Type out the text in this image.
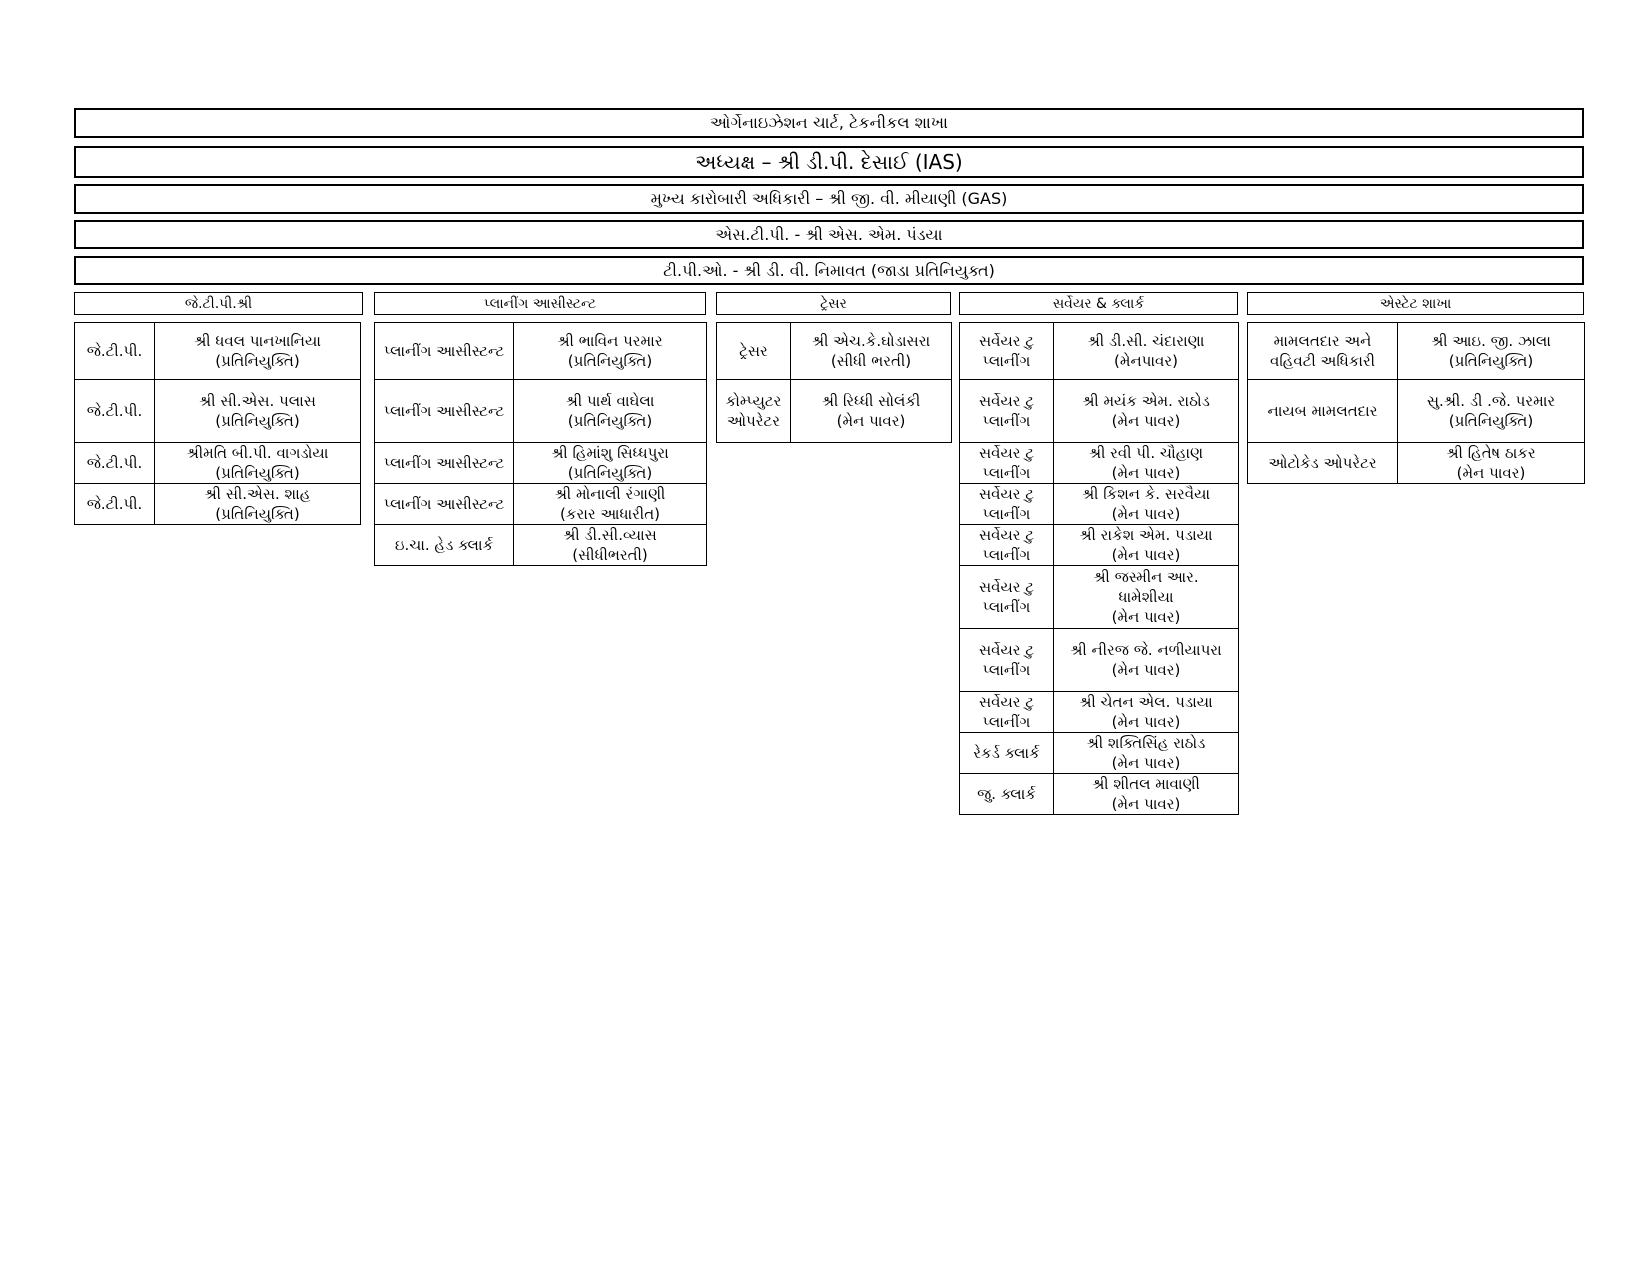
ઓર્ગેનાઇઝેશન ચાર્ટ, ટેકનીકલ શાખા
અધ્યક્ષ – શ્રી ડી.પી. દેસાઈ (IAS)
મુખ્ય કારોબારી અધિકારી – શ્રી જી. વી. મીયાણી (GAS)
એસ.ટી.પી. - શ્રી એસ. એમ. પંડયા
ટી.પી.ઓ. - શ્રી ડી. વી. નિમાવત (જાડા પ્રતિનિયુક્ત)
જે.ટી.પી.શ્રી	પ્લાનીંગ આસીસ્ટન્ટ	ટ્રેસર	સર્વેયર & ક્લાર્ક	એસ્ટેટ શાખા
જે.ટી.પી.	શ્રી ધવલ પાનખાનિયા
(પ્રતિનિયુક્તિ)

જે.ટી.પી.	શ્રી સી.એસ. પલાસ
(પ્રતિનિયુક્તિ)

જે.ટી.પી.	શ્રીમતિ બી.પી. વાગડોયા
(પ્રતિનિયુક્તિ)

જે.ટી.પી.	શ્રી સી.એસ. શાહ
(પ્રતિનિયુક્તિ)
પ્લાનીંગ આસીસ્ટન્ટ	શ્રી ભાવિન પરમાર
(પ્રતિનિયુક્તિ)

પ્લાનીંગ આસીસ્ટન્ટ	શ્રી પાર્થ વાઘેલા
(પ્રતિનિયુક્તિ)

પ્લાનીંગ આસીસ્ટન્ટ	શ્રી હિમાંશુ સિધ્ધપુરા
(પ્રતિનિયુક્તિ)

પ્લાનીંગ આસીસ્ટન્ટ	શ્રી મોનાલી રંગાણી
(કરાર આધારીત)

ઇ.ચા. હેડ ક્લાર્ક	શ્રી ડી.સી.વ્યાસ
(સીધીભરતી)
ટ્રેસર	શ્રી એચ.કે.ઘોડાસરા
(સીધી ભરતી)

કોમ્પ્યુટર
ઓપરેટર	શ્રી રિધ્ધી સોલંકી
(મેન પાવર)
સર્વેયર ટુ
પ્લાનીંગ	શ્રી ડી.સી. ચંદારાણા
(મેનપાવર)

સર્વેયર ટુ
પ્લાનીંગ	શ્રી મયંક એમ. રાઠોડ
(મેન પાવર)

સર્વેયર ટુ
પ્લાનીંગ	શ્રી રવી પી. ચૌહાણ
(મેન પાવર)

સર્વેયર ટુ
પ્લાનીંગ	શ્રી કિશન કે. સરવૈયા
(મેન પાવર)

સર્વેયર ટુ
પ્લાનીંગ	શ્રી રાકેશ એમ. પડાયા
(મેન પાવર)

સર્વેયર ટુ
પ્લાનીંગ	શ્રી જસ્મીન આર.
ધામેશીયા
(મેન પાવર)

સર્વેયર ટુ
પ્લાનીંગ	શ્રી નીરજ જે. નળીયાપરા
(મેન પાવર)

સર્વેયર ટુ
પ્લાનીંગ	શ્રી ચેતન એલ. પડાયા
(મેન પાવર)

રેકર્ડ ક્લાર્ક	શ્રી શક્તિસિંહ રાઠોડ
(મેન પાવર)

જુ. ક્લાર્ક	શ્રી શીતલ માવાણી
(મેન પાવર)
મામલતદાર અને
વહિવટી અધિકારી	શ્રી આઇ. જી. ઝાલા
(પ્રતિનિયુક્તિ)

નાયબ મામલતદાર	સુ.શ્રી. ડી .જે. પરમાર
(પ્રતિનિયુક્તિ)

ઓટોકેડ ઓપરેટર	શ્રી હિતેષ ઠાકર
(મેન પાવર)
